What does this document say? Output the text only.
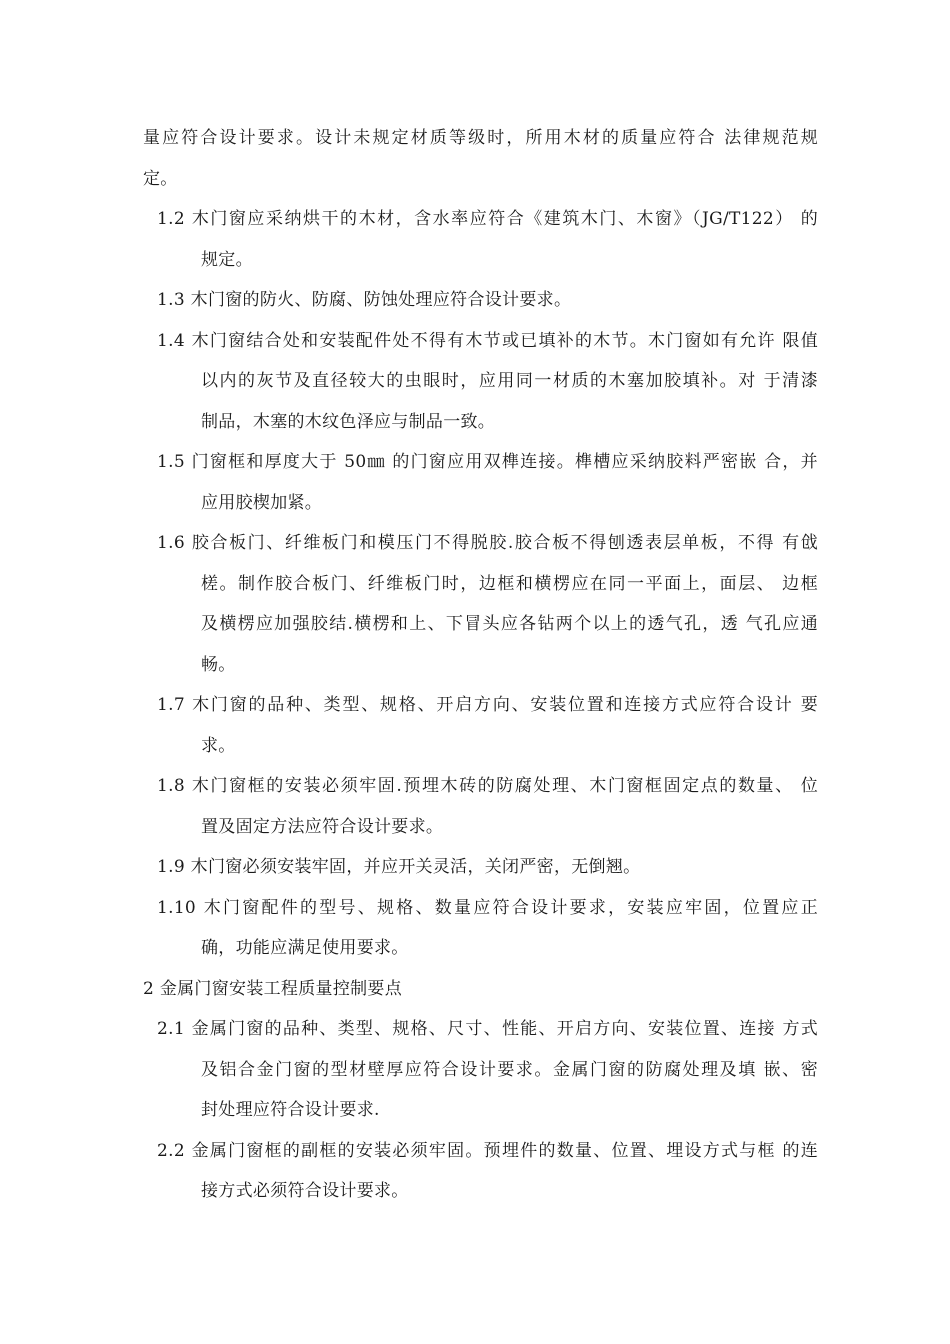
量应符合设计要求。设计未规定材质等级时，所用木材的质量应符合 法律规范规
定。
1.2 木门窗应采纳烘干的木材，含水率应符合《建筑木门、木窗》（JG/T122） 的
规定。
1.3 木门窗的防火、防腐、防蚀处理应符合设计要求。
1.4 木门窗结合处和安装配件处不得有木节或已填补的木节。木门窗如有允许 限值
以内的灰节及直径较大的虫眼时，应用同一材质的木塞加胶填补。对 于清漆
制品，木塞的木纹色泽应与制品一致。
1.5 门窗框和厚度大于 50㎜ 的门窗应用双榫连接。榫槽应采纳胶料严密嵌 合，并
应用胶楔加紧。
1.6 胶合板门、纤维板门和模压门不得脱胶.胶合板不得刨透表层单板，不得 有戗
槎。制作胶合板门、纤维板门时，边框和横楞应在同一平面上，面层、 边框
及横楞应加强胶结.横楞和上、下冒头应各钻两个以上的透气孔，透 气孔应通
畅。
1.7 木门窗的品种、类型、规格、开启方向、安装位置和连接方式应符合设计 要
求。
1.8 木门窗框的安装必须牢固.预埋木砖的防腐处理、木门窗框固定点的数量、 位
置及固定方法应符合设计要求。
1.9 木门窗必须安装牢固，并应开关灵活，关闭严密，无倒翘。
1.10 木门窗配件的型号、规格、数量应符合设计要求，安装应牢固，位置应正
确，功能应满足使用要求。
2 金属门窗安装工程质量控制要点
2.1 金属门窗的品种、类型、规格、尺寸、性能、开启方向、安装位置、连接 方式
及铝合金门窗的型材壁厚应符合设计要求。金属门窗的防腐处理及填 嵌、密
封处理应符合设计要求.
2.2 金属门窗框的副框的安装必须牢固。预埋件的数量、位置、埋设方式与框 的连
接方式必须符合设计要求。
